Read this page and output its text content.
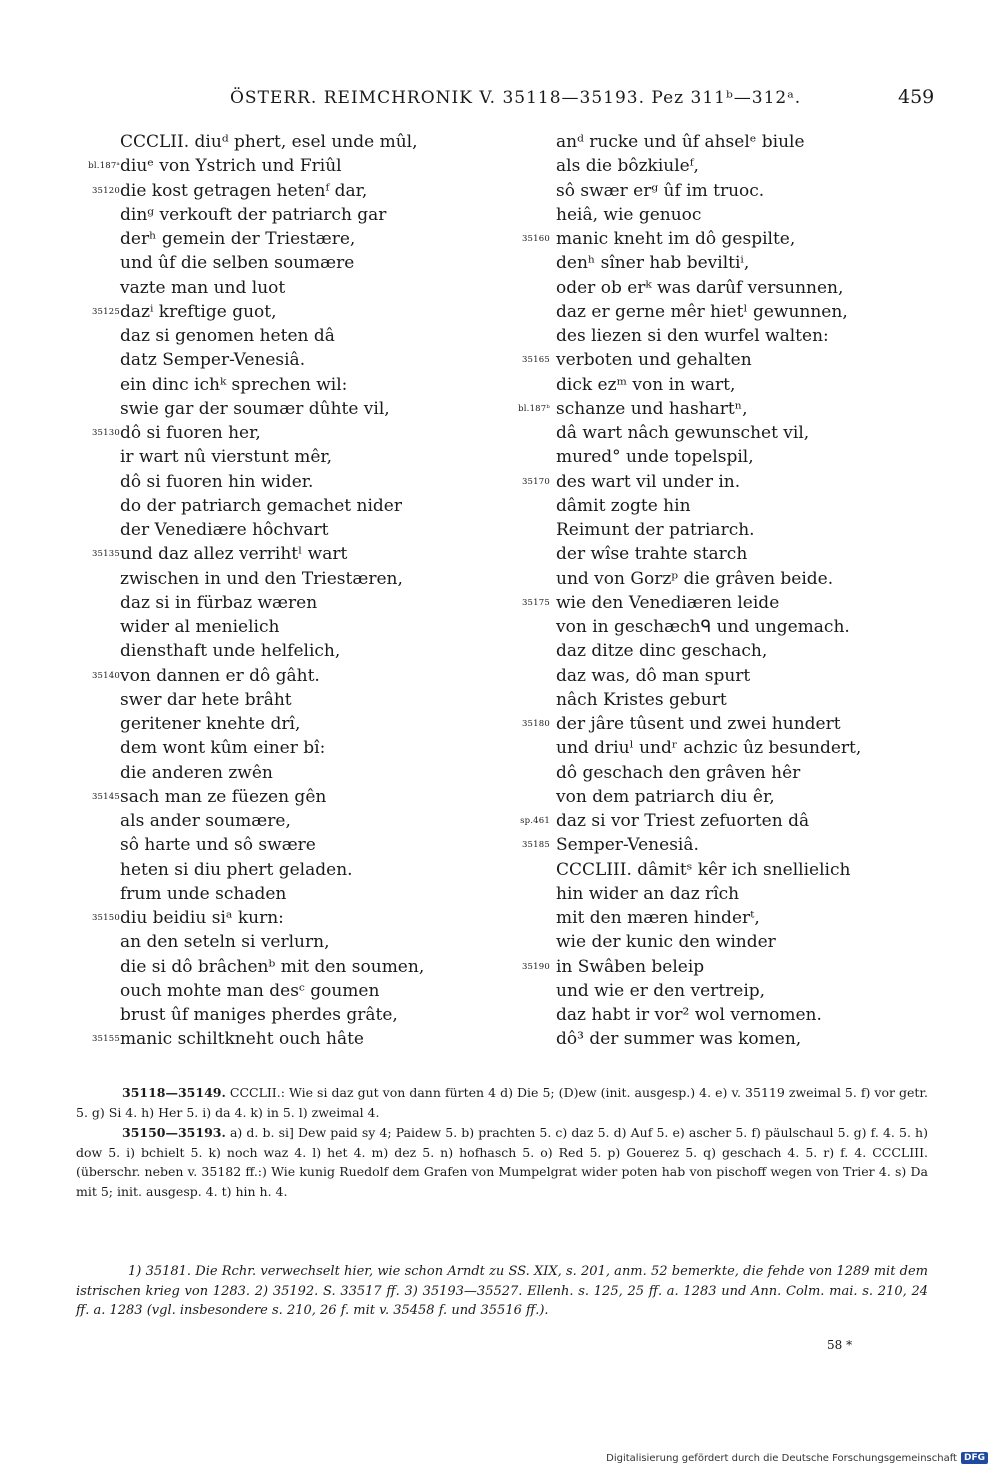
ÖSTERR. REIMCHRONIK V. 35118—35193. Pez 311ᵇ—312ᵃ.	459
CCCLII. diuᵈ phert, esel unde mûl,
bl.187ᵃ diuᵉ von Ystrich und Friûl
35120 die kost getragen hetenᶠ dar,
dinᵍ verkouft der patriarch gar
derʰ gemein der Triestære,
und ûf die selben soumære
vazte man und luot
35125 dazⁱ kreftige guot,
daz si genomen heten dâ
datz Semper-Venesiâ.
ein dinc ichᵏ sprechen wil:
swie gar der soumær dûhte vil,
35130 dô si fuoren her,
ir wart nû vierstunt mêr,
dô si fuoren hin wider.
do der patriarch gemachet nider
der Venediære hôchvart
35135 und daz allez verrihtˡ wart
zwischen in und den Triestæren,
daz si in fürbaz wæren
wider al menielich
diensthaft unde helfelich,
35140 von dannen er dô gâht.
swer dar hete brâht
geritener knehte drî,
dem wont kûm einer bî:
die anderen zwên
35145 sach man ze füezen gên
als ander soumære,
sô harte und sô swære
heten si diu phert geladen.
frum unde schaden
35150 diu beidiu siᵃ kurn:
an den seteln si verlurn,
die si dô brâchenᵇ mit den soumen,
ouch mohte man desᶜ goumen
brust ûf maniges pherdes grâte,
35155 manic schiltkneht ouch hâte
anᵈ rucke und ûf ahselᵉ biule
als die bôzkiuleᶠ,
sô swær erᵍ ûf im truoc.
heiâ, wie genuoc
35160 manic kneht im dô gespilte,
denʰ sîner hab beviltiⁱ,
oder ob erᵏ was darûf versunnen,
daz er gerne mêr hietˡ gewunnen,
des liezen si den wurfel walten:
35165 verboten und gehalten
dick ezᵐ von in wart,
bl.187ᵇ schanze und hashartⁿ,
dâ wart nâch gewunschet vil,
mured° unde topelspil,
35170 des wart vil under in.
dâmit zogte hin
Reimunt der patriarch.
der wîse trahte starch
und von Gorzᵖ die grâven beide.
35175 wie den Venediæren leide
von in geschæchᑫ und ungemach.
daz ditze dinc geschach,
daz was, dô man spurt
nâch Kristes geburt
35180 der jâre tûsent und zwei hundert
und driuˡ undʳ achzic ûz besundert,
dô geschach den grâven hêr
von dem patriarch diu êr,
sp.461 daz si vor Triest zefuorten dâ
35185 Semper-Venesiâ.
CCCLIII. dâmitˢ kêr ich snellielich
hin wider an daz rîch
mit den mæren hinderᵗ,
wie der kunic den winder
35190 in Swâben beleip
und wie er den vertreip,
daz habt ir vor² wol vernomen.
dô³ der summer was komen,

35118—35149. CCCLII.: Wie si daz gut von dann fürten 4 d) Die 5; (D)ew (init. ausgesp.) 4. e) v. 35119 zweimal 5. f) vor getr. 5. g) Si 4. h) Her 5. i) da 4. k) in 5. l) zweimal 4.

35150—35193. a) d. b. si] Dew paid sy 4; Paidew 5. b) prachten 5. c) daz 5. d) Auf 5. e) ascher 5. f) päulschaul 5. g) f. 4. 5. h) dow 5. i) bchielt 5. k) noch waz 4. l) het 4. m) dez 5. n) hofhasch 5. o) Red 5. p) Gouerez 5. q) geschach 4. 5. r) f. 4. CCCLIII. (überschr. neben v. 35182 ff.:) Wie kunig Ruedolf dem Grafen von Mumpelgrat wider poten hab von pischoff wegen von Trier 4. s) Da mit 5; init. ausgesp. 4. t) hin h. 4.

1) 35181. Die Rchr. verwechselt hier, wie schon Arndt zu SS. XIX, s. 201, anm. 52 bemerkte, die fehde von 1289 mit dem istrischen krieg von 1283. 2) 35192. S. 33517 ff. 3) 35193—35527. Ellenh. s. 125, 25 ff. a. 1283 und Ann. Colm. mai. s. 210, 24 ff. a. 1283 (vgl. insbesondere s. 210, 26 f. mit v. 35458 f. und 35516 ff.).

58 *
Digitalisierung gefördert durch die Deutsche Forschungsgemeinschaft DFG
